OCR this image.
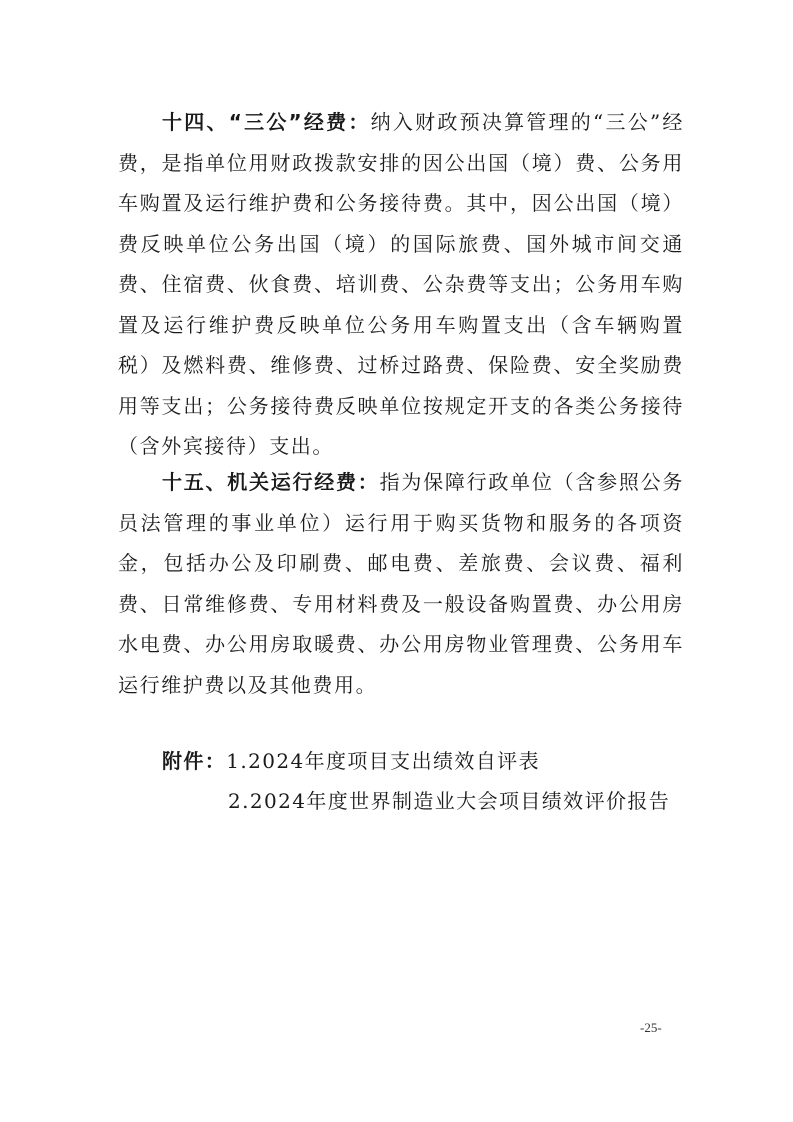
十四、“三公”经费：纳入财政预决算管理的“三公”经费，是指单位用财政拨款安排的因公出国（境）费、公务用车购置及运行维护费和公务接待费。其中，因公出国（境）费反映单位公务出国（境）的国际旅费、国外城市间交通费、住宿费、伙食费、培训费、公杂费等支出；公务用车购置及运行维护费反映单位公务用车购置支出（含车辆购置税）及燃料费、维修费、过桥过路费、保险费、安全奖励费用等支出；公务接待费反映单位按规定开支的各类公务接待（含外宾接待）支出。

十五、机关运行经费：指为保障行政单位（含参照公务员法管理的事业单位）运行用于购买货物和服务的各项资金，包括办公及印刷费、邮电费、差旅费、会议费、福利费、日常维修费、专用材料费及一般设备购置费、办公用房水电费、办公用房取暖费、办公用房物业管理费、公务用车运行维护费以及其他费用。

附件：1.2024年度项目支出绩效自评表
2.2024年度世界制造业大会项目绩效评价报告
-25-
